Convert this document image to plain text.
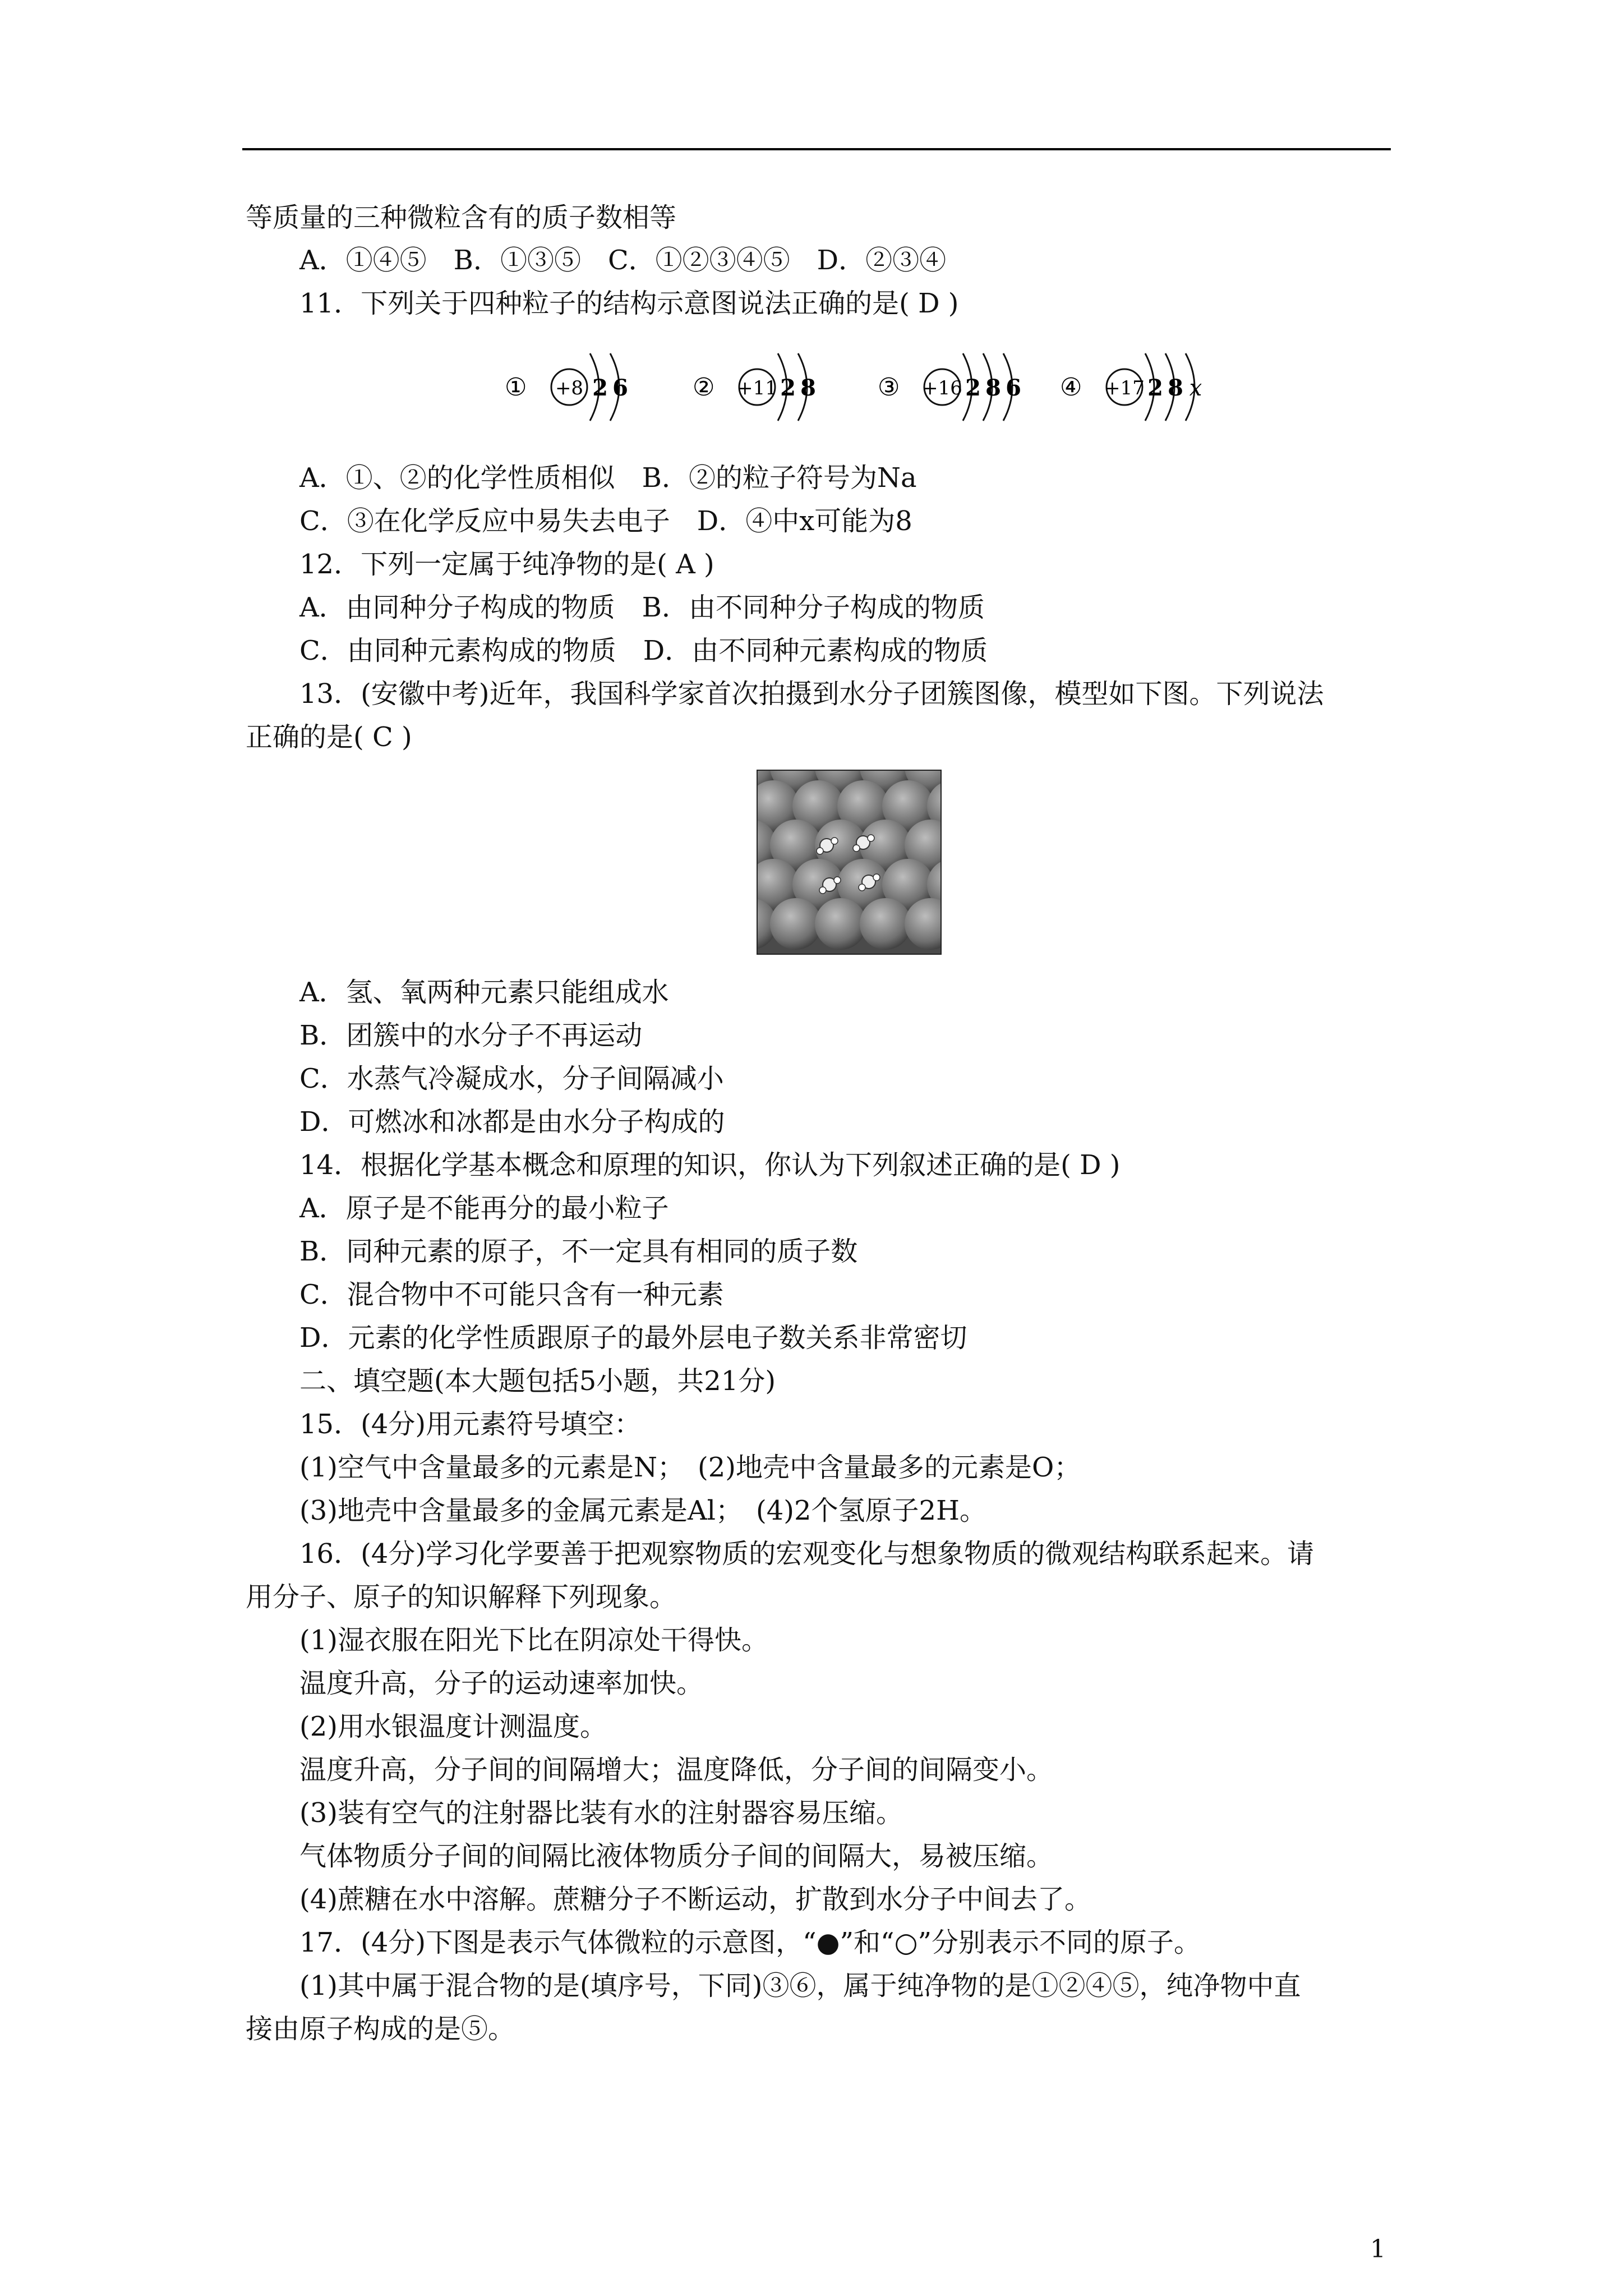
等质量的三种微粒含有的质子数相等
A．①④⑤　B．①③⑤　C．①②③④⑤　D．②③④
11．下列关于四种粒子的结构示意图说法正确的是( D )
A．①、②的化学性质相似　B．②的粒子符号为Na
C．③在化学反应中易失去电子　D．④中x可能为8
12．下列一定属于纯净物的是( A )
A．由同种分子构成的物质　B．由不同种分子构成的物质
C．由同种元素构成的物质　D．由不同种元素构成的物质
13．(安徽中考)近年，我国科学家首次拍摄到水分子团簇图像，模型如下图。下列说法
正确的是( C )
A．氢、氧两种元素只能组成水
B．团簇中的水分子不再运动
C．水蒸气冷凝成水，分子间隔减小
D．可燃冰和冰都是由水分子构成的
14．根据化学基本概念和原理的知识，你认为下列叙述正确的是( D )
A．原子是不能再分的最小粒子
B．同种元素的原子，不一定具有相同的质子数
C．混合物中不可能只含有一种元素
D．元素的化学性质跟原子的最外层电子数关系非常密切
二、填空题(本大题包括5小题，共21分)
15．(4分)用元素符号填空：
(1)空气中含量最多的元素是N；　(2)地壳中含量最多的元素是O；
(3)地壳中含量最多的金属元素是Al；　(4)2个氢原子2H。
16．(4分)学习化学要善于把观察物质的宏观变化与想象物质的微观结构联系起来。请
用分子、原子的知识解释下列现象。
(1)湿衣服在阳光下比在阴凉处干得快。
温度升高，分子的运动速率加快。
(2)用水银温度计测温度。
温度升高，分子间的间隔增大；温度降低，分子间的间隔变小。
(3)装有空气的注射器比装有水的注射器容易压缩。
气体物质分子间的间隔比液体物质分子间的间隔大，易被压缩。
(4)蔗糖在水中溶解。蔗糖分子不断运动，扩散到水分子中间去了。
17．(4分)下图是表示气体微粒的示意图，“●”和“○”分别表示不同的原子。
(1)其中属于混合物的是(填序号，下同)③⑥，属于纯净物的是①②④⑤，纯净物中直
接由原子构成的是⑤。
① +8 2 6	② +11 2 8	③ +16 2 8 6 ④ +17 2 8 x
1
